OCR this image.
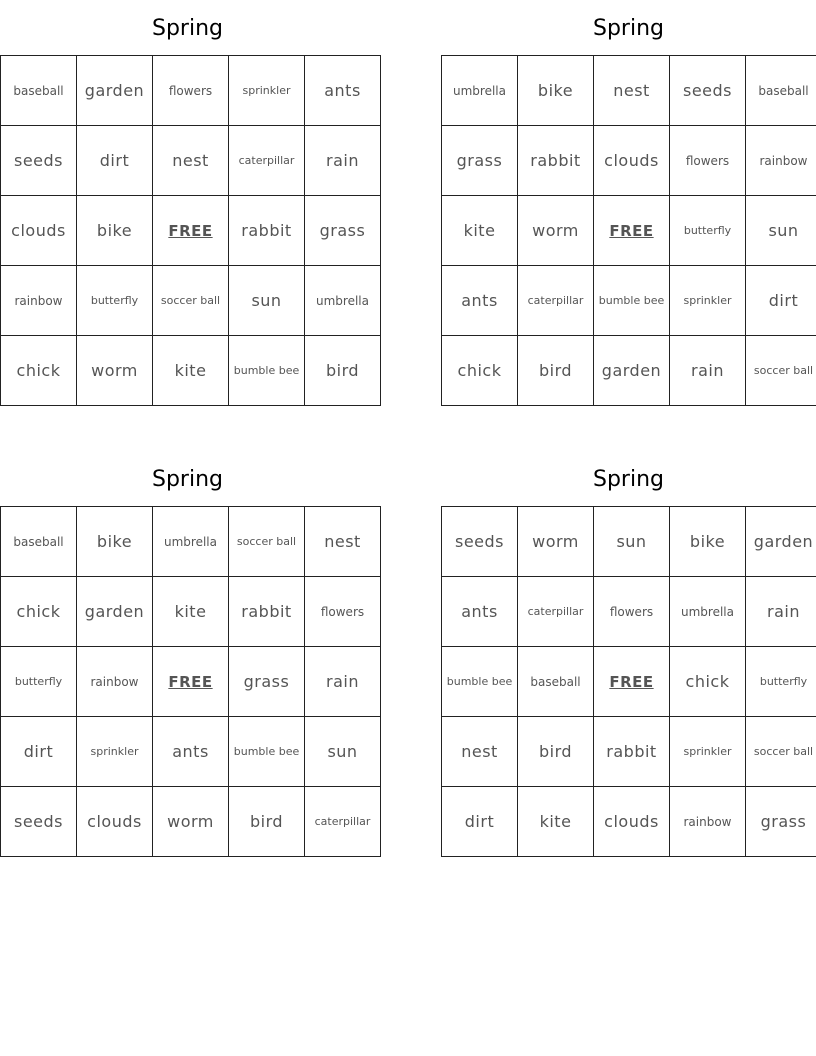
Spring
baseball	garden	flowers	sprinkler	ants
seeds	dirt	nest	caterpillar	rain
clouds	bike	FREE	rabbit	grass
rainbow	butterfly	soccer ball	sun	umbrella
chick	worm	kite	bumble bee	bird
Spring
umbrella	bike	nest	seeds	baseball
grass	rabbit	clouds	flowers	rainbow
kite	worm	FREE	butterfly	sun
ants	caterpillar	bumble bee	sprinkler	dirt
chick	bird	garden	rain	soccer ball
Spring
baseball	bike	umbrella	soccer ball	nest
chick	garden	kite	rabbit	flowers
butterfly	rainbow	FREE	grass	rain
dirt	sprinkler	ants	bumble bee	sun
seeds	clouds	worm	bird	caterpillar
Spring
seeds	worm	sun	bike	garden
ants	caterpillar	flowers	umbrella	rain
bumble bee	baseball	FREE	chick	butterfly
nest	bird	rabbit	sprinkler	soccer ball
dirt	kite	clouds	rainbow	grass
